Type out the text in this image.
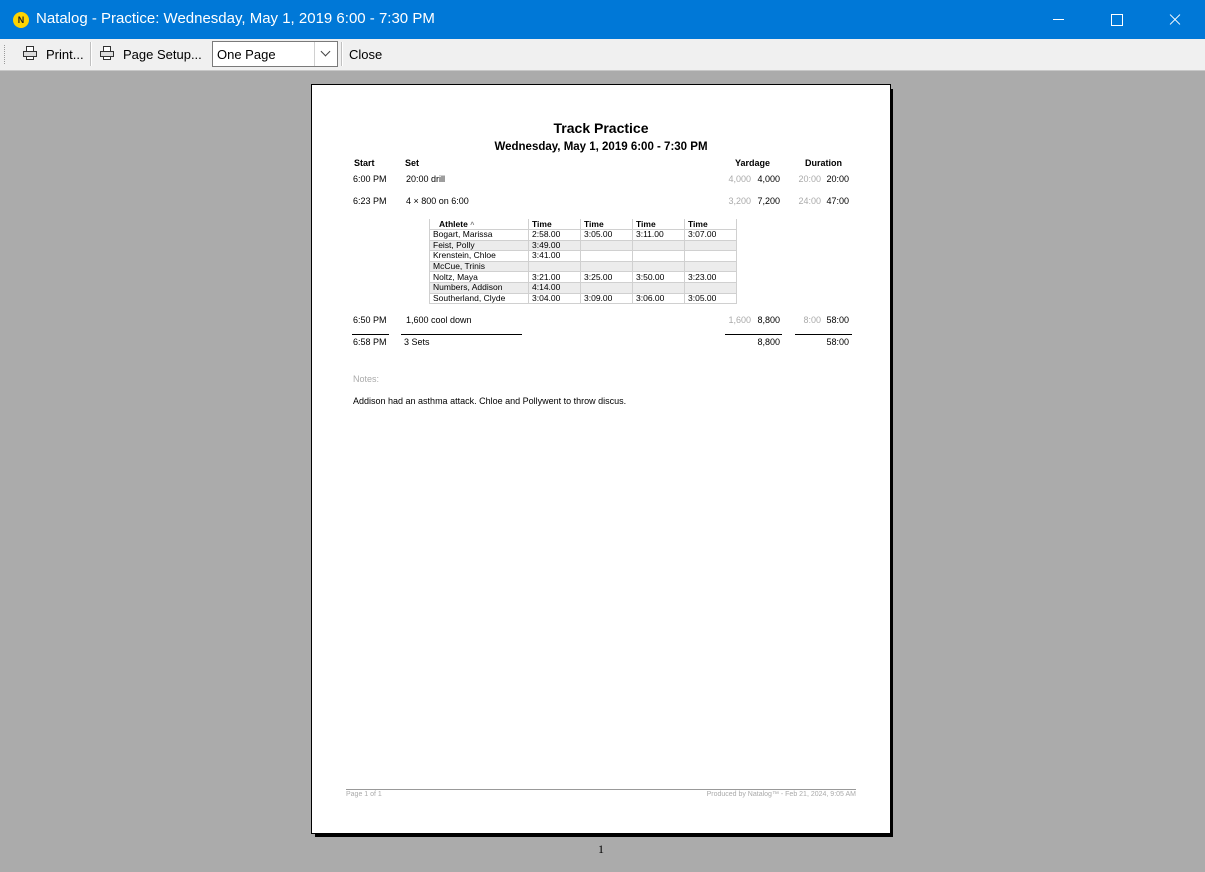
N Natalog - Practice: Wednesday, May 1, 2019 6:00 - 7:30 PM
Print...	Page Setup... One Page	Close
Track Practice
Wednesday, May 1, 2019 6:00 - 7:30 PM
Start	Set	Yardage	Duration
6:00 PM 20:00 drill	4,000 4,000	20:00 20:00
6:23 PM 4 × 800 on 6:00	3,200 7,200	24:00 47:00
Athlete ^	Time	Time	Time	Time
Bogart, Marissa	2:58.00	3:05.00	3:11.00	3:07.00
Feist, Polly	3:49.00			
Krenstein, Chloe	3:41.00			
McCue, Trinis				
Noltz, Maya	3:21.00	3:25.00	3:50.00	3:23.00
Numbers, Addison	4:14.00			
Southerland, Clyde	3:04.00	3:09.00	3:06.00	3:05.00
6:50 PM 1,600 cool down	1,600 8,800	8:00 58:00
6:58 PM 3 Sets	8,800	58:00
Notes:
Addison had an asthma attack. Chloe and Pollywent to throw discus.
Page 1 of 1	Produced by Natalog™ - Feb 21, 2024, 9:05 AM
1
